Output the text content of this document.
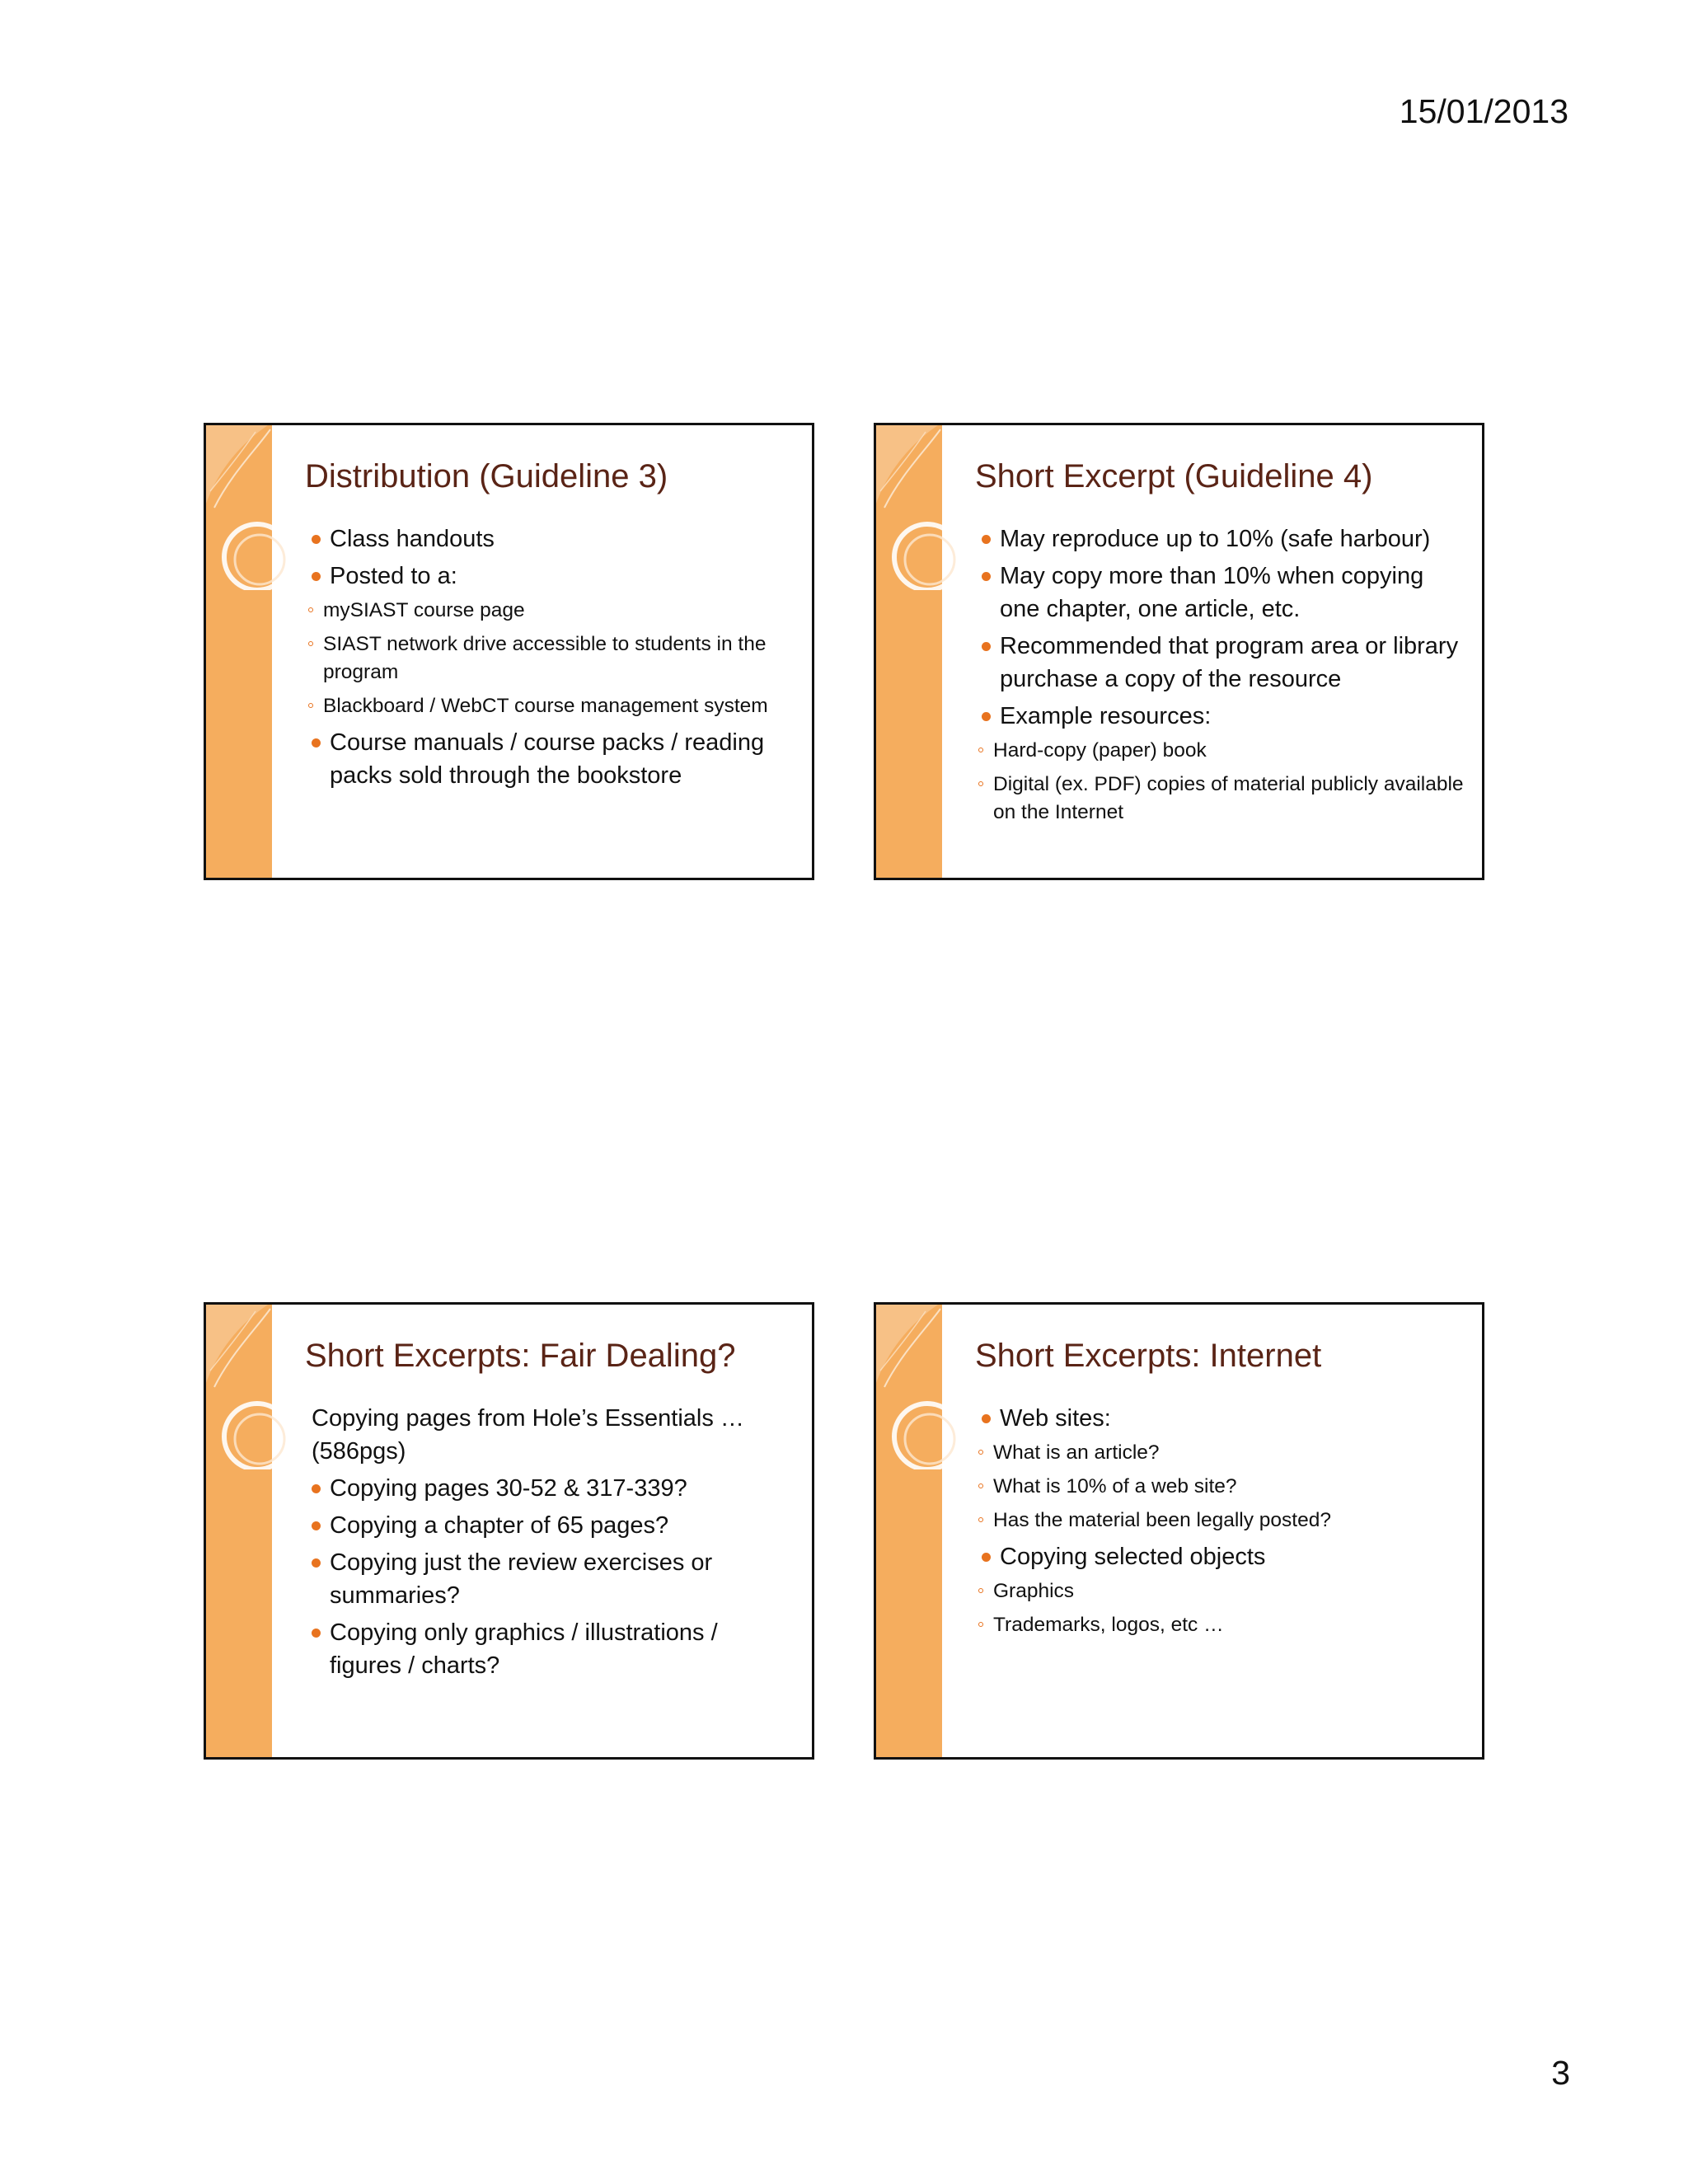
15/01/2013
Distribution (Guideline 3)
Class handouts
Posted to a:
mySIAST course page
SIAST network drive accessible to students in the program
Blackboard / WebCT course management system
Course manuals / course packs / reading packs sold through the bookstore
Short Excerpt (Guideline 4)
May reproduce up to 10% (safe harbour)
May copy more than 10% when copying one chapter, one article, etc.
Recommended that program area or library purchase a copy of the resource
Example resources:
Hard-copy (paper) book
Digital (ex. PDF) copies of material publicly available on the Internet
Short Excerpts: Fair Dealing?
Copying pages from Hole’s Essentials … (586pgs)
Copying pages 30-52 & 317-339?
Copying a chapter of 65 pages?
Copying just the review exercises or summaries?
Copying only graphics / illustrations / figures / charts?
Short Excerpts: Internet
Web sites:
What is an article?
What is 10% of a web site?
Has the material been legally posted?
Copying selected objects
Graphics
Trademarks, logos, etc …
3
